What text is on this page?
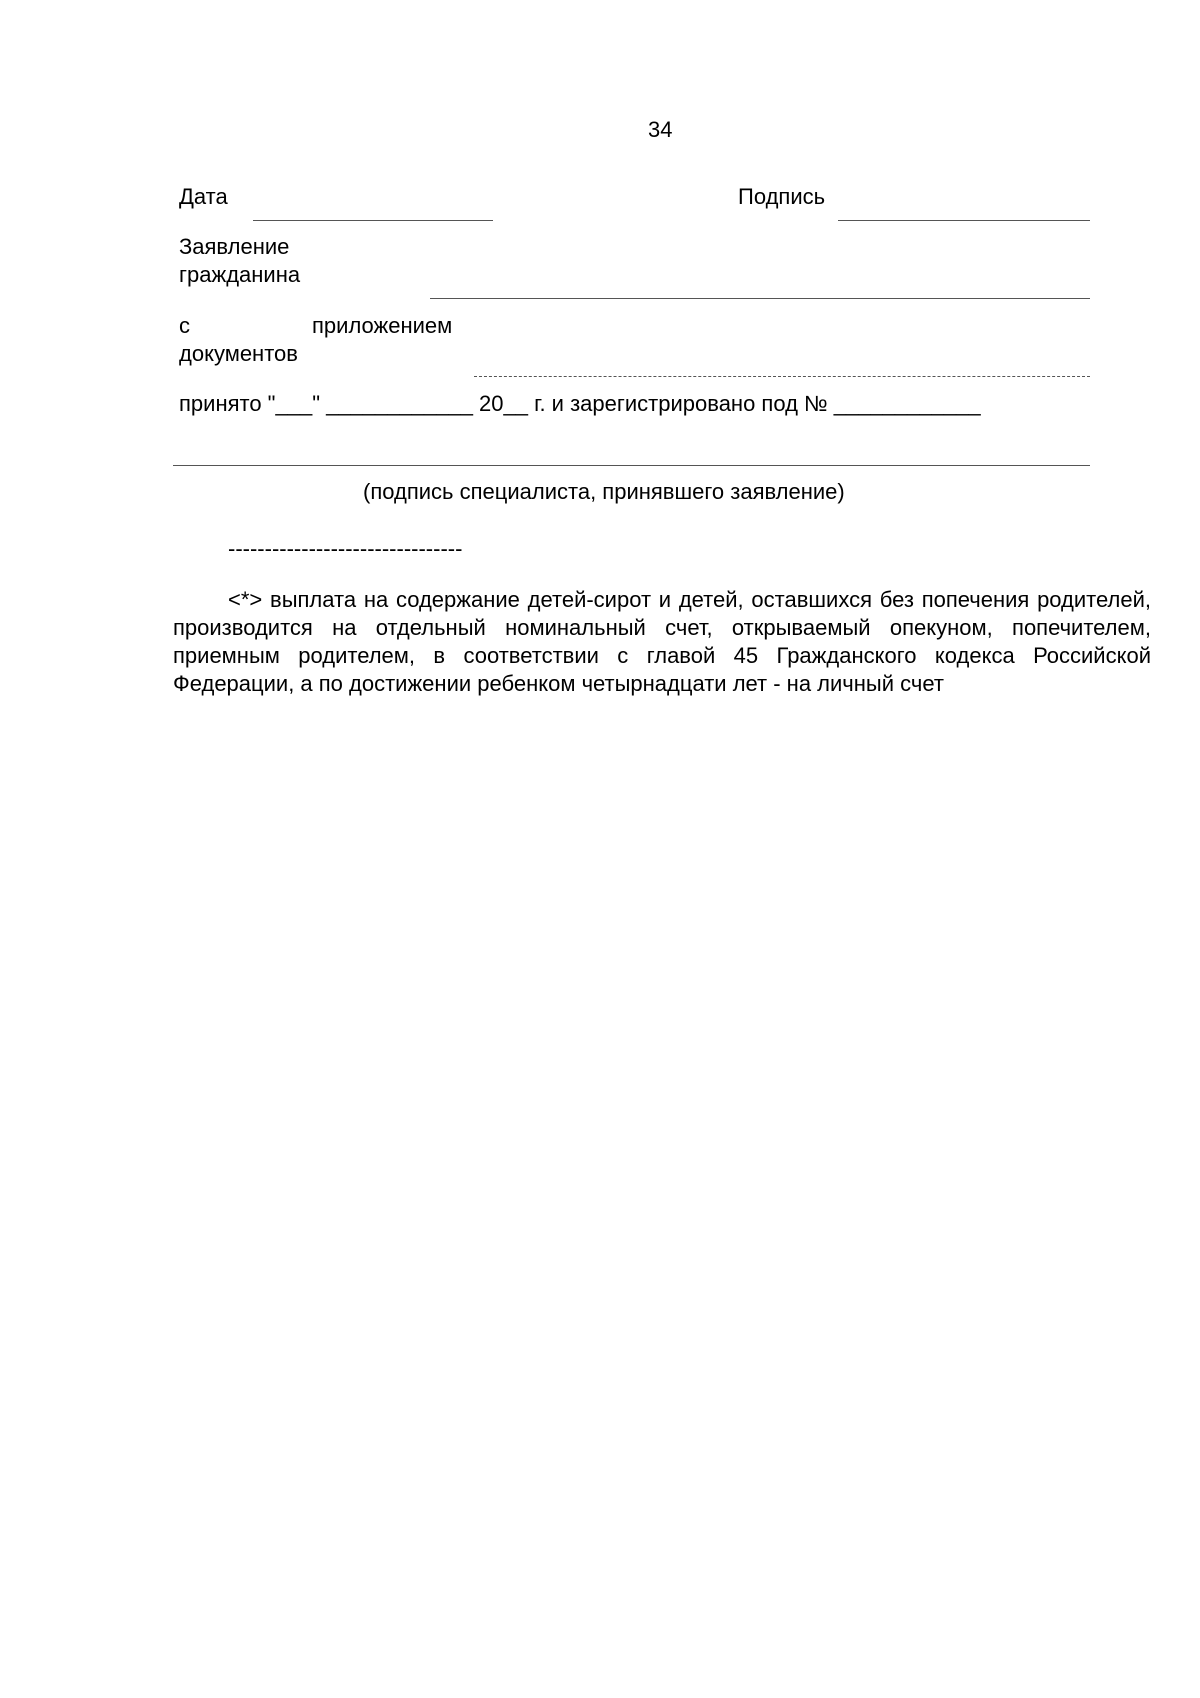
34
Дата	Подпись
Заявление
гражданина
с	приложением
документов
принято "___" ____________ 20__ г. и зарегистрировано под № ____________
(подпись специалиста, принявшего заявление)
--------------------------------
<*> выплата на содержание детей-сирот и детей, оставшихся без попечения родителей, производится на отдельный номинальный счет, открываемый опекуном, попечителем, приемным родителем, в соответствии с главой 45 Гражданского кодекса Российской Федерации, а по достижении ребенком четырнадцати лет - на личный счет
